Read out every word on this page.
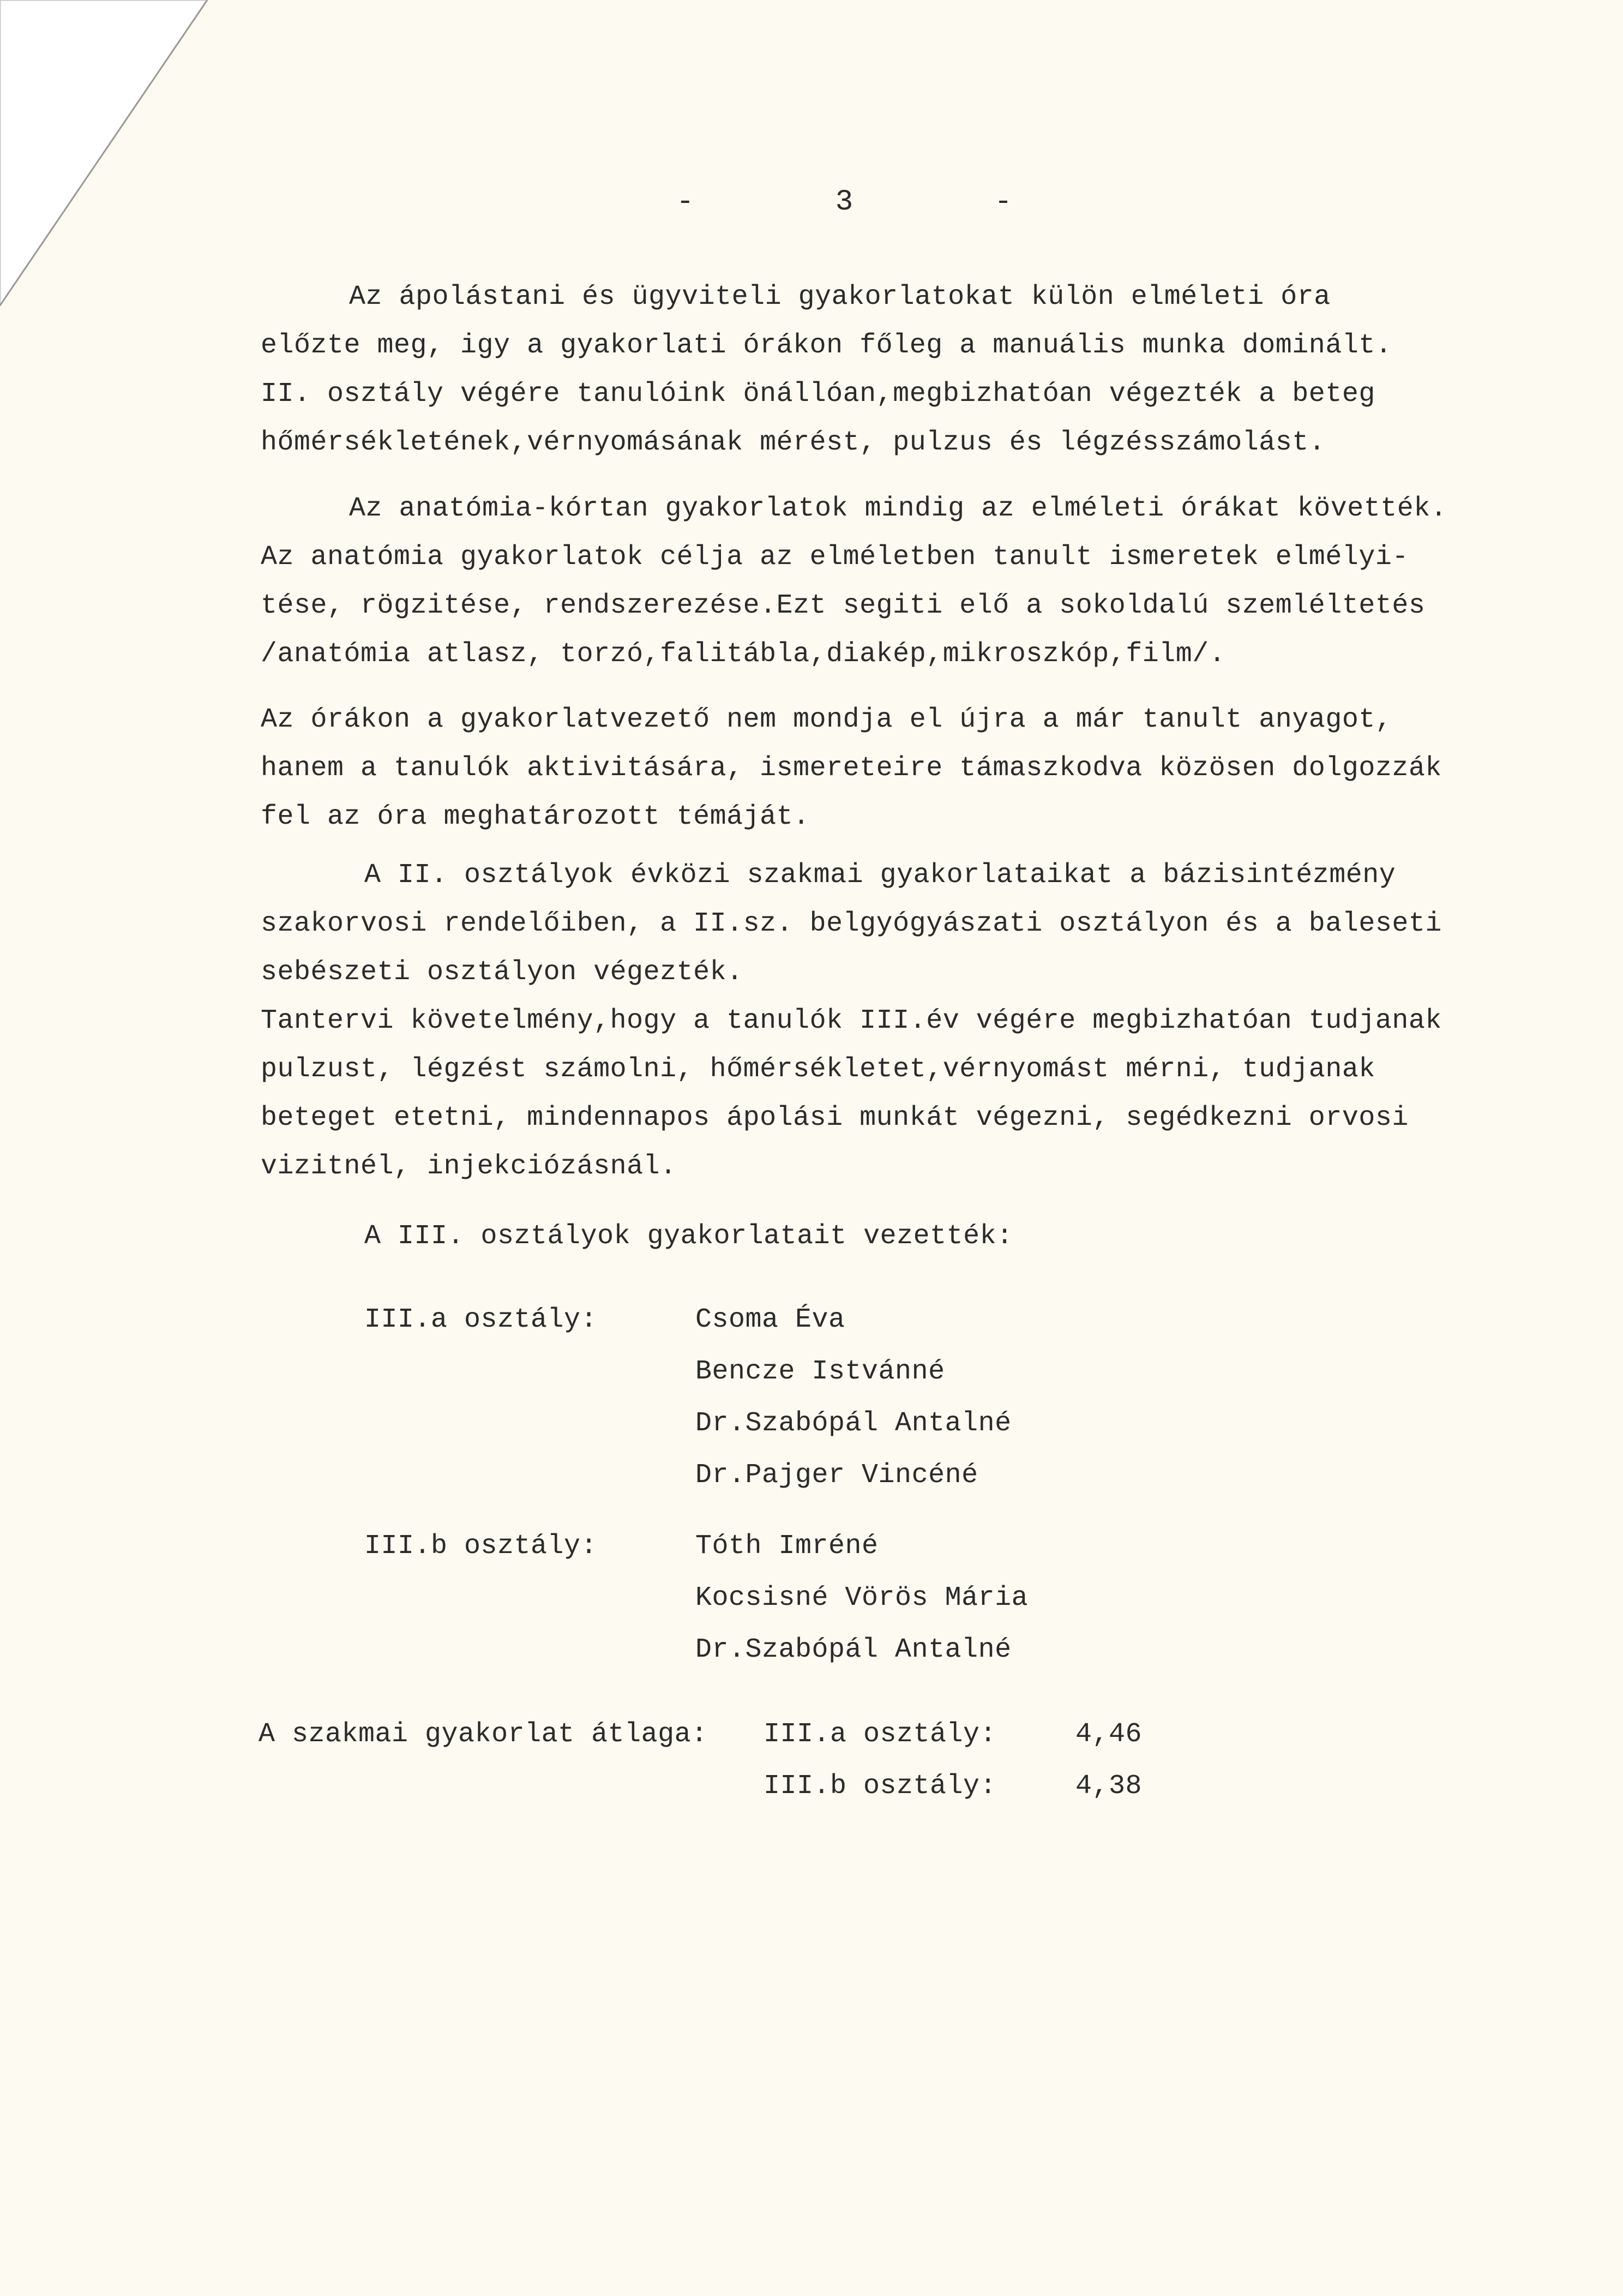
-        3        -
Az ápolástani és ügyviteli gyakorlatokat külön elméleti óra
előzte meg, igy a gyakorlati órákon főleg a manuális munka dominált.
II. osztály végére tanulóink önállóan,megbizhatóan végezték a beteg
hőmérsékletének,vérnyomásának mérést, pulzus és légzésszámolást.
Az anatómia-kórtan gyakorlatok mindig az elméleti órákat követték.
Az anatómia gyakorlatok célja az elméletben tanult ismeretek elmélyi-
tése, rögzitése, rendszerezése.Ezt segiti elő a sokoldalú szemléltetés
/anatómia atlasz, torzó,falitábla,diakép,mikroszkóp,film/.
Az órákon a gyakorlatvezető nem mondja el újra a már tanult anyagot,
hanem a tanulók aktivitására, ismereteire támaszkodva közösen dolgozzák
fel az óra meghatározott témáját.
A II. osztályok évközi szakmai gyakorlataikat a bázisintézmény
szakorvosi rendelőiben, a II.sz. belgyógyászati osztályon és a baleseti
sebészeti osztályon végezték.
Tantervi követelmény,hogy a tanulók III.év végére megbizhatóan tudjanak
pulzust, légzést számolni, hőmérsékletet,vérnyomást mérni, tudjanak
beteget etetni, mindennapos ápolási munkát végezni, segédkezni orvosi
vizitnél, injekciózásnál.
A III. osztályok gyakorlatait vezették:
III.a osztály:	Csoma Éva
Bencze Istvánné
Dr.Szabópál Antalné
Dr.Pajger Vincéné
III.b osztály:	Tóth Imréné
Kocsisné Vörös Mária
Dr.Szabópál Antalné
A szakmai gyakorlat átlaga: III.a osztály:	4,46
III.b osztály:	4,38
